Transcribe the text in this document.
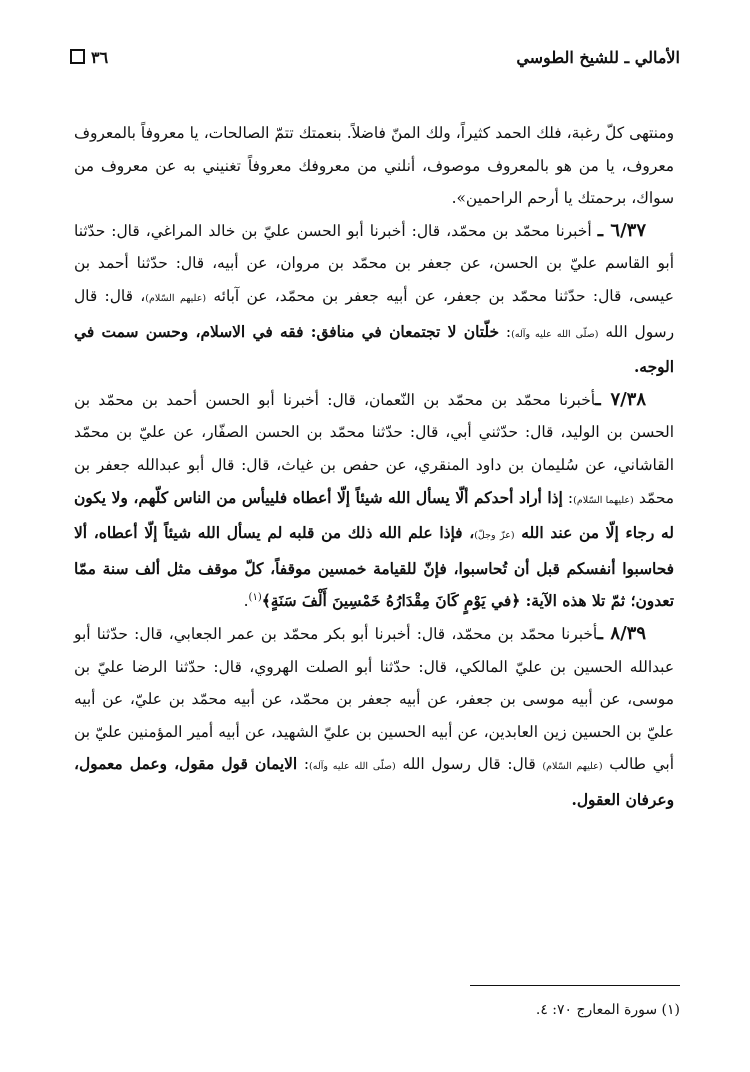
الأمالي ـ للشيخ الطوسي
٣٦

ومنتهى كلّ رغبة، فلك الحمد كثيراً، ولك المنّ فاضلاً. بنعمتك تتمّ الصالحات، يا معروفاً بالمعروف معروف، يا من هو بالمعروف موصوف، أنلني من معروفك معروفاً تغنيني به عن معروف من سواك، برحمتك يا أرحم الراحمين».

٦/٣٧ ـ أخبرنا محمّد بن محمّد، قال: أخبرنا أبو الحسن عليّ بن خالد المراغي، قال: حدّثنا أبو القاسم عليّ بن الحسن، عن جعفر بن محمّد بن مروان، عن أبيه، قال: حدّثنا أحمد بن عيسى، قال: حدّثنا محمّد بن جعفر، عن أبيه جعفر بن محمّد، عن آبائه (عليهم السّلام)، قال: قال رسول الله (صلّى الله عليه وآله): خلّتان لا تجتمعان في منافق: فقه في الاسلام، وحسن سمت في الوجه.

٧/٣٨ ـأخبرنا محمّد بن محمّد بن النّعمان، قال: أخبرنا أبو الحسن أحمد بن محمّد بن الحسن بن الوليد، قال: حدّثني أبي، قال: حدّثنا محمّد بن الحسن الصفّار، عن عليّ بن محمّد القاشاني، عن سُليمان بن داود المنقري، عن حفص بن غياث، قال: قال أبو عبدالله جعفر بن محمّد (عليهما السّلام): إذا أراد أحدكم ألّا يسأل الله شيئاً إلّا أعطاه فلييأس من الناس كلّهم، ولا يكون له رجاء إلّا من عند الله (عزّ وجلّ)، فإذا علم الله ذلك من قلبه لم يسأل الله شيئاً إلّا أعطاه، ألا فحاسبوا أنفسكم قبل أن تُحاسبوا، فإنّ للقيامة خمسين موقفاً، كلّ موقف مثل ألف سنة ممّا تعدون؛ ثمّ تلا هذه الآية: ﴿في يَوْمٍ كَانَ مِقْدَارُهُ خَمْسِينَ أَلْفَ سَنَةٍ﴾$^{(١)}$.

٨/٣٩ ـأخبرنا محمّد بن محمّد، قال: أخبرنا أبو بكر محمّد بن عمر الجعابي، قال: حدّثنا أبو عبدالله الحسين بن عليّ المالكي، قال: حدّثنا أبو الصلت الهروي، قال: حدّثنا الرضا عليّ بن موسى، عن أبيه موسى بن جعفر، عن أبيه جعفر بن محمّد، عن أبيه محمّد بن عليّ، عن أبيه عليّ بن الحسين زين العابدين، عن أبيه الحسين بن عليّ الشهيد، عن أبيه أمير المؤمنين عليّ بن أبي طالب (عليهم السّلام) قال: قال رسول الله (صلّى الله عليه وآله): الايمان قول مقول، وعمل معمول، وعرفان العقول.

(١) سورة المعارج ٧٠: ٤.
